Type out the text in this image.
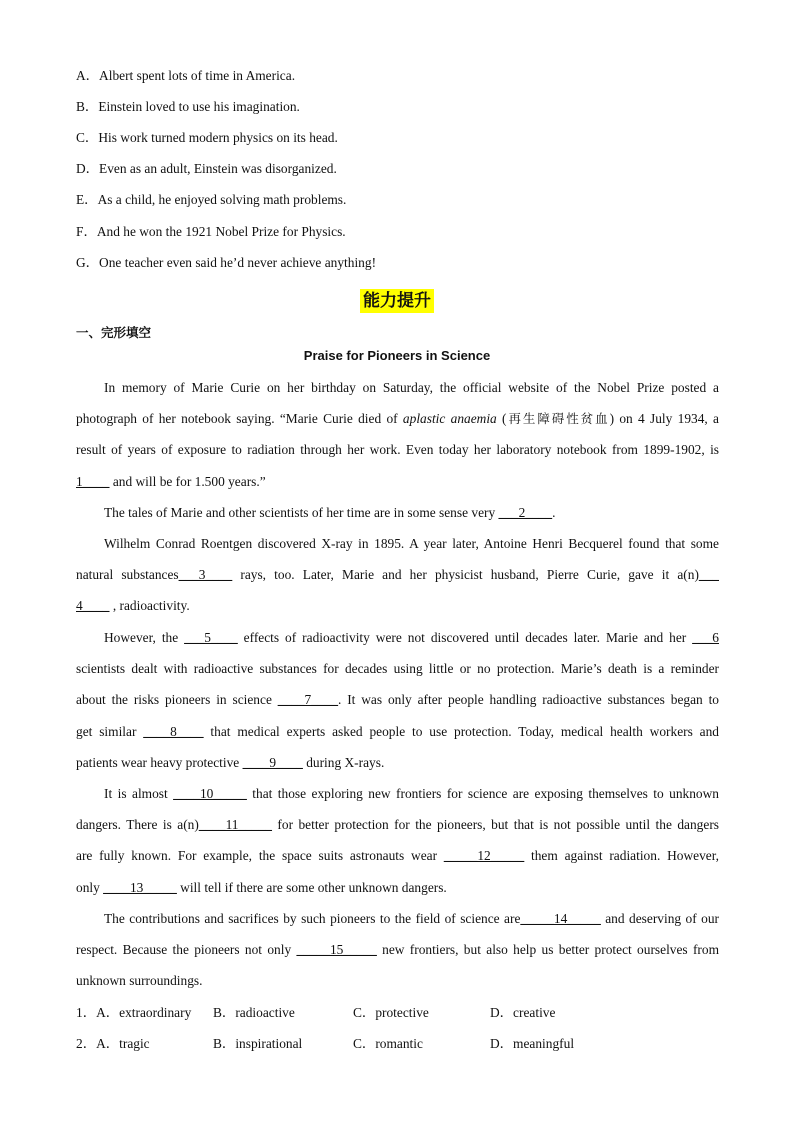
A．Albert spent lots of time in America.
B．Einstein loved to use his imagination.
C．His work turned modern physics on its head.
D．Even as an adult, Einstein was disorganized.
E．As a child, he enjoyed solving math problems.
F．And he won the 1921 Nobel Prize for Physics.
G．One teacher even said he’d never achieve anything!
能力提升
一、完形填空
Praise for Pioneers in Science
In memory of Marie Curie on her birthday on Saturday, the official website of the Nobel Prize posted a
photograph of her notebook saying. “Marie Curie died of aplastic anaemia (再生障碍性贫血) on 4 July 1934, a
result of years of exposure to radiation through her work. Even today her laboratory notebook from 1899-1902, is
1____ and will be for 1.500 years.”
The tales of Marie and other scientists of her time are in some sense very ___2____.
Wilhelm Conrad Roentgen discovered X-ray in 1895. A year later, Antoine Henri Becquerel found that some
natural substances___3____ rays, too. Later, Marie and her physicist husband, Pierre Curie, gave it a(n)___
4____ , radioactivity.
However, the ___5____ effects of radioactivity were not discovered until decades later. Marie and her ___6
scientists dealt with radioactive substances for decades using little or no protection. Marie’s death is a reminder
about the risks pioneers in science ____7____. It was only after people handling radioactive substances began to
get similar ____8____ that medical experts asked people to use protection. Today, medical health workers and
patients wear heavy protective ____9____ during X-rays.
It is almost ____10_____ that those exploring new frontiers for science are exposing themselves to unknown
dangers. There is a(n)____11_____ for better protection for the pioneers, but that is not possible until the dangers
are fully known. For example, the space suits astronauts wear _____12_____ them against radiation. However,
only ____13_____ will tell if there are some other unknown dangers.
The contributions and sacrifices by such pioneers to the field of science are_____14_____ and deserving of our
respect. Because the pioneers not only _____15_____ new frontiers, but also help us better protect ourselves from
unknown surroundings.
1．A．extraordinary B．radioactive	C．protective	D．creative
2．A．tragic	B．inspirational	C．romantic	D．meaningful
